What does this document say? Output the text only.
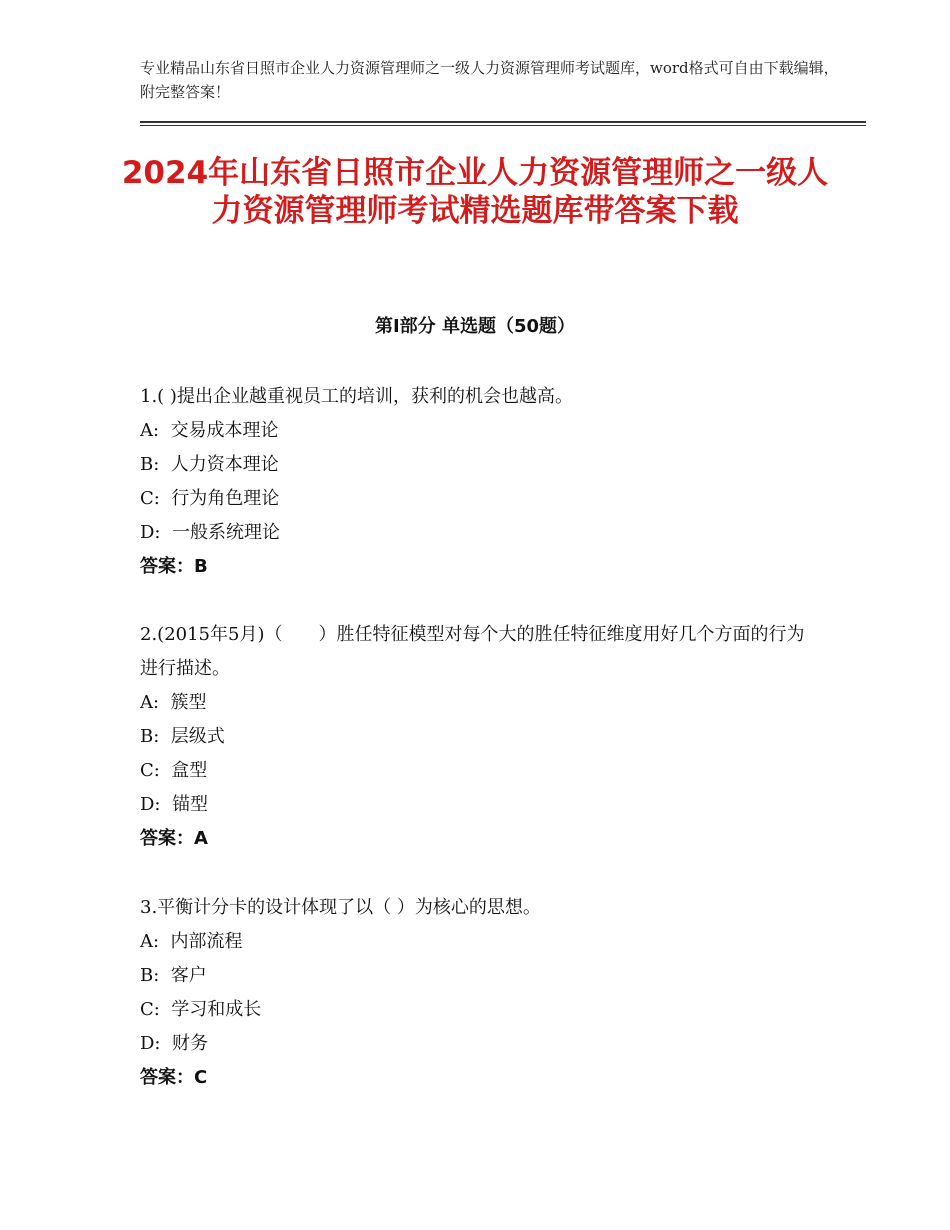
专业精品山东省日照市企业人力资源管理师之一级人力资源管理师考试题库，word格式可自由下载编辑，附完整答案！
2024年山东省日照市企业人力资源管理师之一级人力资源管理师考试精选题库带答案下载
第Ⅰ部分 单选题（50题）

1.( )提出企业越重视员工的培训，获利的机会也越高。

A:  交易成本理论

B:  人力资本理论

C:  行为角色理论

D:  一般系统理论

答案：B

2.(2015年5月)（　　）胜任特征模型对每个大的胜任特征维度用好几个方面的行为进行描述。

A:  簇型

B:  层级式

C:  盒型

D:  锚型

答案：A

3.平衡计分卡的设计体现了以（ ）为核心的思想。

A:  内部流程

B:  客户

C:  学习和成长

D:  财务

答案：C
